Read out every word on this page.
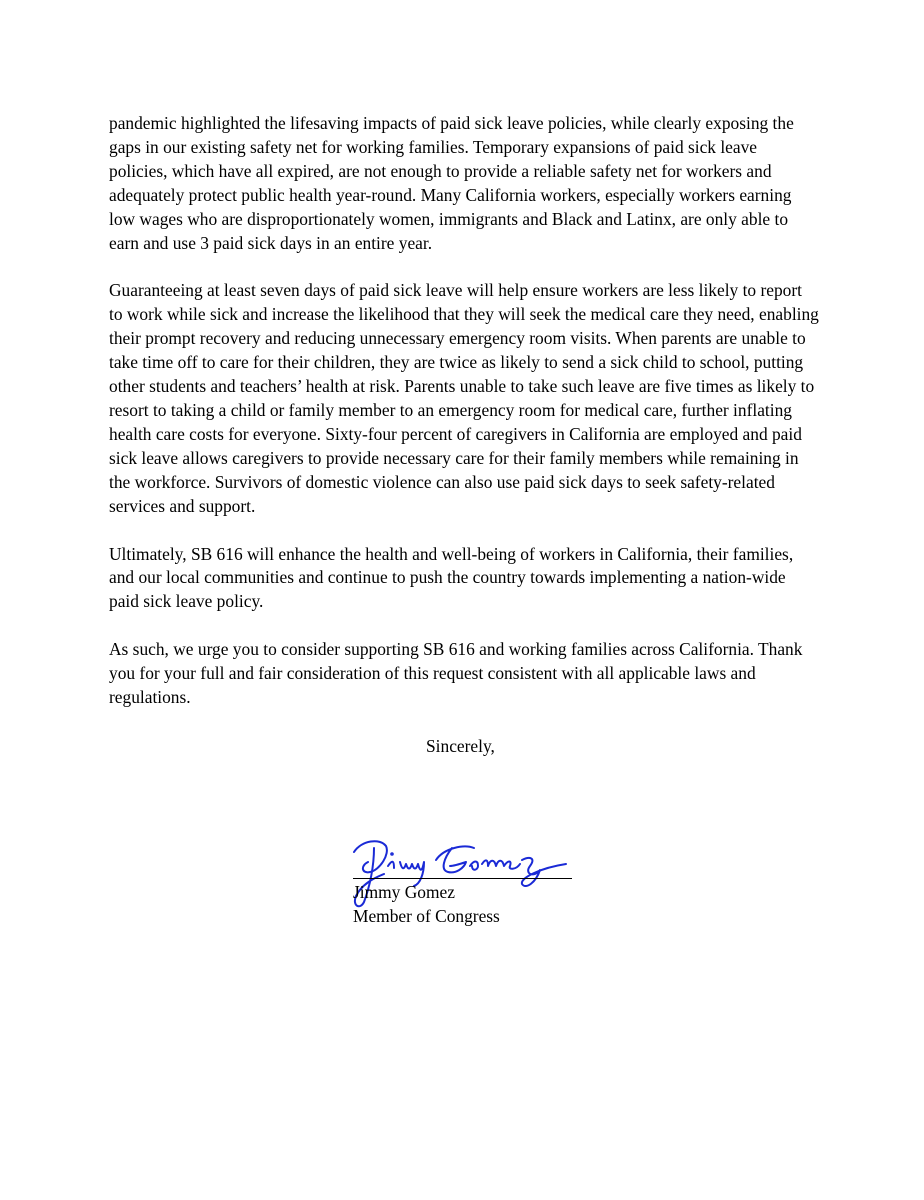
pandemic highlighted the lifesaving impacts of paid sick leave policies, while clearly exposing the gaps in our existing safety net for working families. Temporary expansions of paid sick leave policies, which have all expired, are not enough to provide a reliable safety net for workers and adequately protect public health year-round. Many California workers, especially workers earning low wages who are disproportionately women, immigrants and Black and Latinx, are only able to earn and use 3 paid sick days in an entire year.

Guaranteeing at least seven days of paid sick leave will help ensure workers are less likely to report to work while sick and increase the likelihood that they will seek the medical care they need, enabling their prompt recovery and reducing unnecessary emergency room visits. When parents are unable to take time off to care for their children, they are twice as likely to send a sick child to school, putting other students and teachers’ health at risk. Parents unable to take such leave are five times as likely to resort to taking a child or family member to an emergency room for medical care, further inflating health care costs for everyone. Sixty-four percent of caregivers in California are employed and paid sick leave allows caregivers to provide necessary care for their family members while remaining in the workforce. Survivors of domestic violence can also use paid sick days to seek safety-related services and support.

Ultimately, SB 616 will enhance the health and well-being of workers in California, their families, and our local communities and continue to push the country towards implementing a nation-wide paid sick leave policy.

As such, we urge you to consider supporting SB 616 and working families across California. Thank you for your full and fair consideration of this request consistent with all applicable laws and regulations.

Sincerely,
Jimmy Gomez
Member of Congress
